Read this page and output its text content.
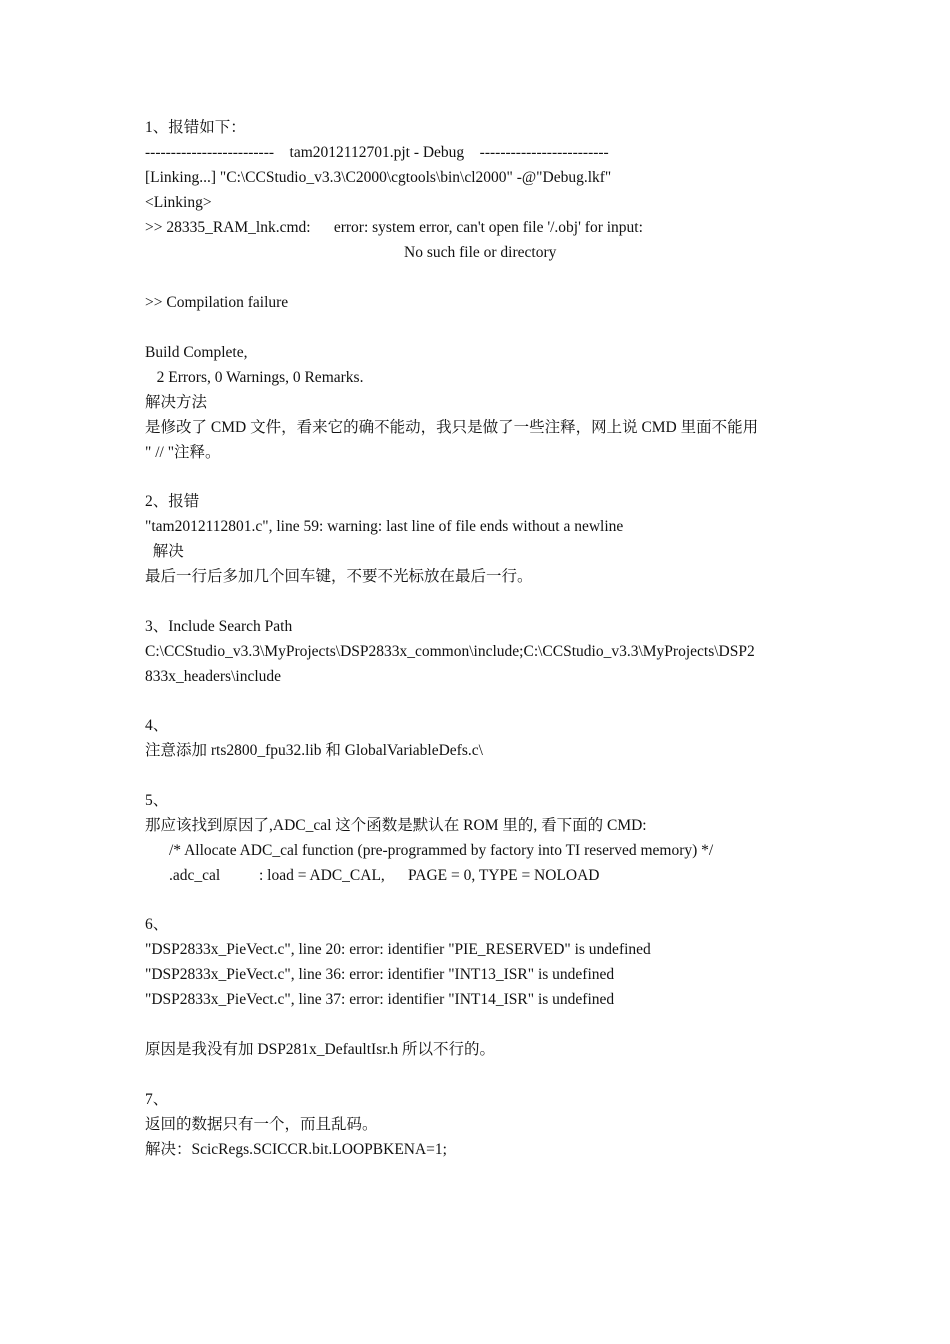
1、报错如下：
-------------------------    tam2012112701.pjt - Debug    -------------------------
[Linking...] "C:\CCStudio_v3.3\C2000\cgtools\bin\cl2000" -@"Debug.lkf"
<Linking>
>> 28335_RAM_lnk.cmd:      error: system error, can't open file '/.obj' for input:
No such file or directory
>> Compilation failure
Build Complete,
2 Errors, 0 Warnings, 0 Remarks.
解决方法
是修改了 CMD 文件，看来它的确不能动，我只是做了一些注释，网上说 CMD 里面不能用
" // "注释。
2、报错
"tam2012112801.c", line 59: warning: last line of file ends without a newline
解决
最后一行后多加几个回车键，不要不光标放在最后一行。
3、Include Search Path
C:\CCStudio_v3.3\MyProjects\DSP2833x_common\include;C:\CCStudio_v3.3\MyProjects\DSP2
833x_headers\include
4、
注意添加 rts2800_fpu32.lib 和 GlobalVariableDefs.c\
5、
那应该找到原因了,ADC_cal 这个函数是默认在 ROM 里的, 看下面的 CMD:
/* Allocate ADC_cal function (pre-programmed by factory into TI reserved memory) */
.adc_cal          : load = ADC_CAL,      PAGE = 0, TYPE = NOLOAD
6、
"DSP2833x_PieVect.c", line 20: error: identifier "PIE_RESERVED" is undefined
"DSP2833x_PieVect.c", line 36: error: identifier "INT13_ISR" is undefined
"DSP2833x_PieVect.c", line 37: error: identifier "INT14_ISR" is undefined
原因是我没有加 DSP281x_DefaultIsr.h 所以不行的。
7、
返回的数据只有一个，而且乱码。
解决：ScicRegs.SCICCR.bit.LOOPBKENA=1;
